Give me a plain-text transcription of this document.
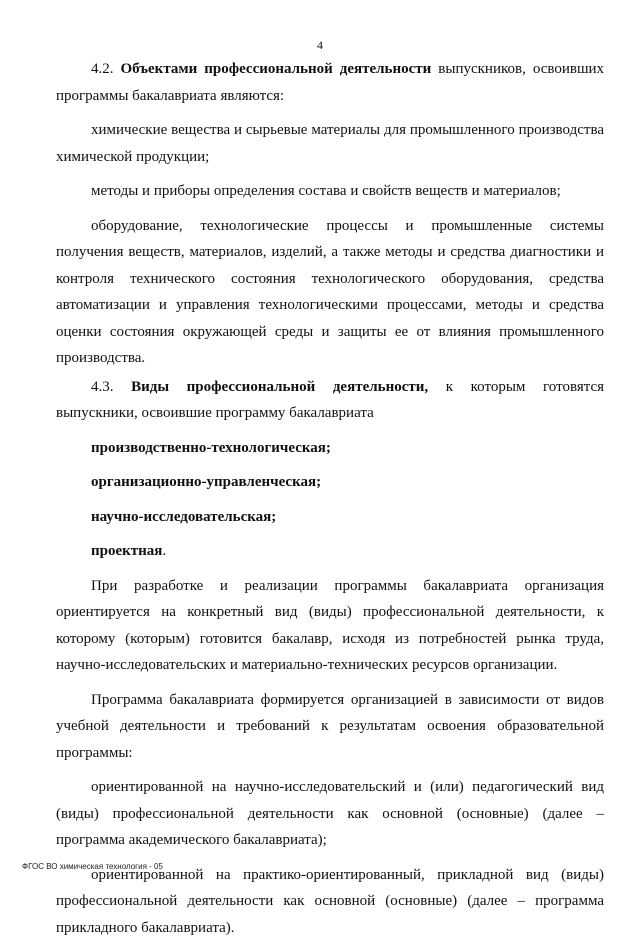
4

4.2. Объектами профессиональной деятельности выпускников, освоивших программы бакалавриата являются:

химические вещества и сырьевые материалы для промышленного производства химической продукции;

методы и приборы определения состава и свойств веществ и материалов;

оборудование, технологические процессы и промышленные системы получения веществ, материалов, изделий, а также методы и средства диагностики и контроля технического состояния технологического оборудования, средства автоматизации и управления технологическими процессами, методы и средства оценки состояния окружающей среды и защиты ее от влияния промышленного производства.

4.3. Виды профессиональной деятельности, к которым готовятся выпускники, освоившие программу бакалавриата

производственно-технологическая;

организационно-управленческая;

научно-исследовательская;

проектная.

При разработке и реализации программы бакалавриата организация ориентируется на конкретный вид (виды) профессиональной деятельности, к которому (которым) готовится бакалавр, исходя из потребностей рынка труда, научно-исследовательских и материально-технических ресурсов организации.

Программа бакалавриата формируется организацией в зависимости от видов учебной деятельности и требований к результатам освоения образовательной программы:

ориентированной на научно-исследовательский и (или) педагогический вид (виды) профессиональной деятельности как основной (основные) (далее – программа академического бакалавриата);

ориентированной на практико-ориентированный, прикладной вид (виды) профессиональной деятельности как основной (основные) (далее – программа прикладного бакалавриата).

ФГОС ВО химическая технология - 05
